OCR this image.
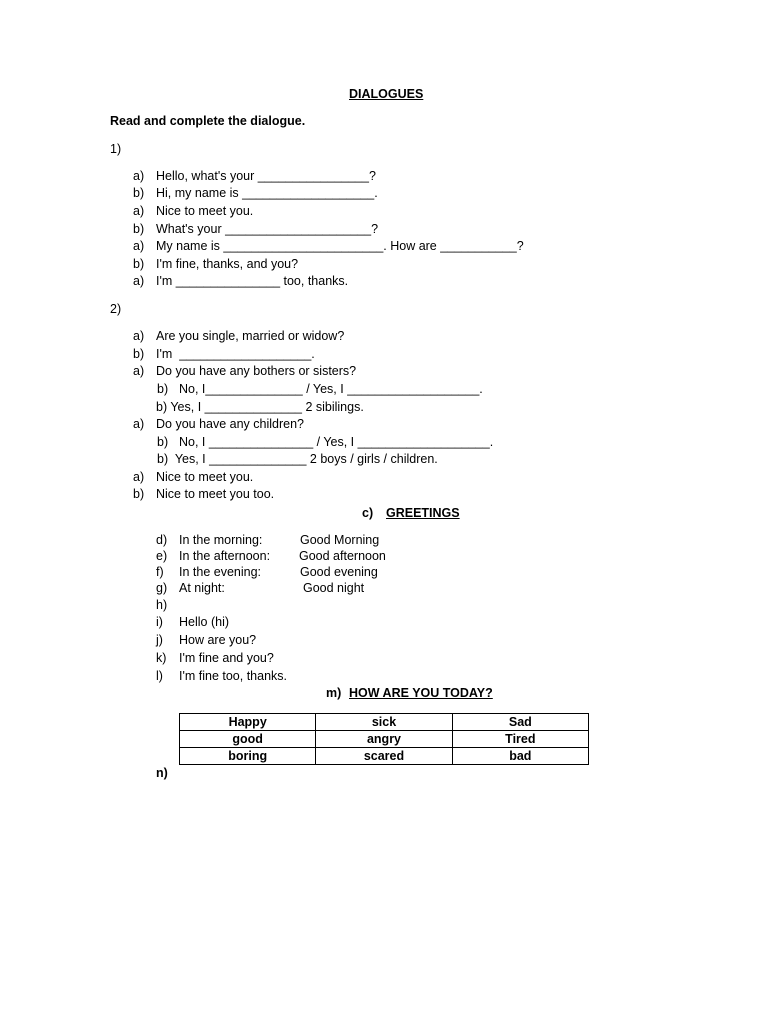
DIALOGUES
Read and complete the dialogue.
1)
a) Hello, what's your ________________?
b) Hi, my name is ___________________.
a) Nice to meet you.
b) What's your _____________________?
a) My name is _______________________. How are ___________?
b) I'm fine, thanks, and you?
a) I'm _______________ too, thanks.
2)
a) Are you single, married or widow?
b) I'm  ___________________.
a) Do you have any bothers or sisters?
b) No, I______________ / Yes, I ___________________.
b) Yes, I ______________ 2 sibilings.
a) Do you have any children?
b) No, I _______________ / Yes, I ___________________.
b)  Yes, I ______________ 2 boys / girls / children.
a) Nice to meet you.
b) Nice to meet you too.
c) GREETINGS
d) In the morning:	Good Morning
e) In the afternoon: Good afternoon
f) In the evening:	Good evening
g) At night:	Good night
h)
i) Hello (hi)
j) How are you?
k) I'm fine and you?
l) I'm fine too, thanks.
m) HOW ARE YOU TODAY?
Happy	sick	Sad
good	angry	Tired
boring	scared	bad
n)
